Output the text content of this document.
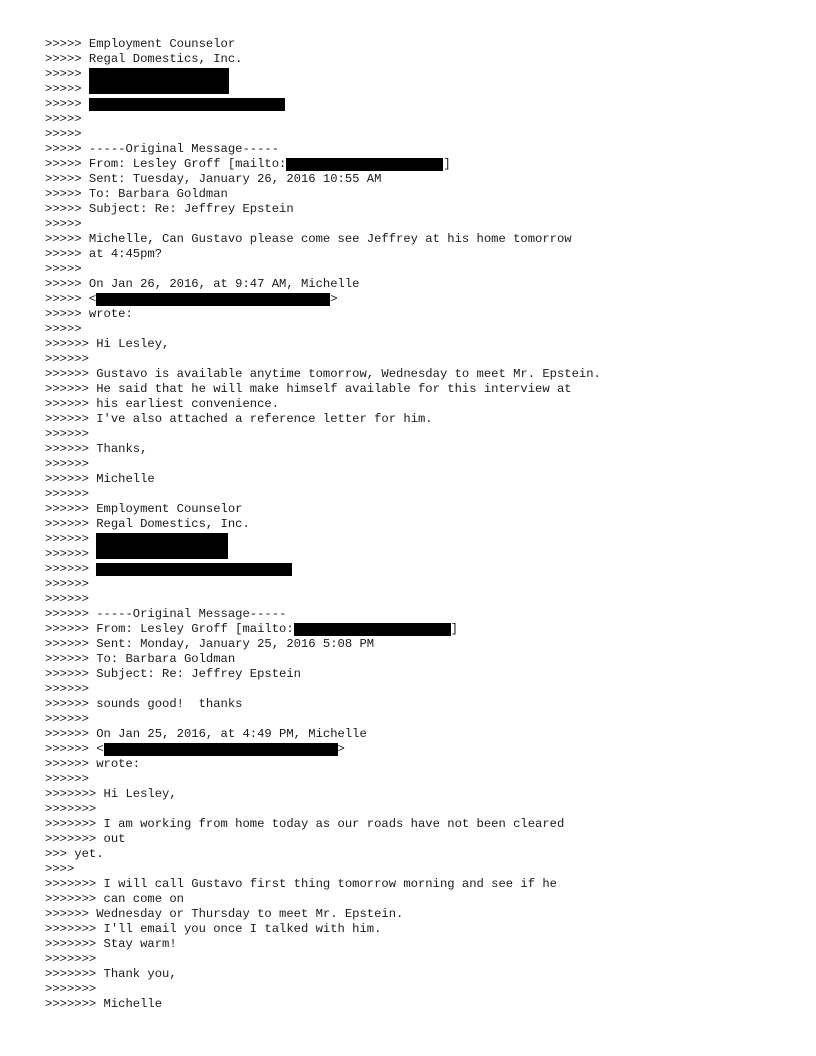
>>>>> Employment Counselor
>>>>> Regal Domestics, Inc.
>>>>>
>>>>>
>>>>>
>>>>>
>>>>>
>>>>> -----Original Message-----
>>>>> From: Lesley Groff [mailto:	]
>>>>> Sent: Tuesday, January 26, 2016 10:55 AM
>>>>> To: Barbara Goldman
>>>>> Subject: Re: Jeffrey Epstein
>>>>>
>>>>> Michelle, Can Gustavo please come see Jeffrey at his home tomorrow
>>>>> at 4:45pm?
>>>>>
>>>>> On Jan 26, 2016, at 9:47 AM, Michelle
>>>>> <	>
>>>>> wrote:
>>>>>
>>>>>> Hi Lesley,
>>>>>>
>>>>>> Gustavo is available anytime tomorrow, Wednesday to meet Mr. Epstein.
>>>>>> He said that he will make himself available for this interview at
>>>>>> his earliest convenience.
>>>>>> I've also attached a reference letter for him.
>>>>>>
>>>>>> Thanks,
>>>>>>
>>>>>> Michelle
>>>>>>
>>>>>> Employment Counselor
>>>>>> Regal Domestics, Inc.
>>>>>>
>>>>>>
>>>>>>
>>>>>>
>>>>>>
>>>>>> -----Original Message-----
>>>>>> From: Lesley Groff [mailto:	]
>>>>>> Sent: Monday, January 25, 2016 5:08 PM
>>>>>> To: Barbara Goldman
>>>>>> Subject: Re: Jeffrey Epstein
>>>>>>
>>>>>> sounds good!  thanks
>>>>>>
>>>>>> On Jan 25, 2016, at 4:49 PM, Michelle
>>>>>> <	>
>>>>>> wrote:
>>>>>>
>>>>>>> Hi Lesley,
>>>>>>>
>>>>>>> I am working from home today as our roads have not been cleared
>>>>>>> out
>>> yet.
>>>>
>>>>>>> I will call Gustavo first thing tomorrow morning and see if he
>>>>>>> can come on
>>>>>> Wednesday or Thursday to meet Mr. Epstein.
>>>>>>> I'll email you once I talked with him.
>>>>>>> Stay warm!
>>>>>>>
>>>>>>> Thank you,
>>>>>>>
>>>>>>> Michelle
